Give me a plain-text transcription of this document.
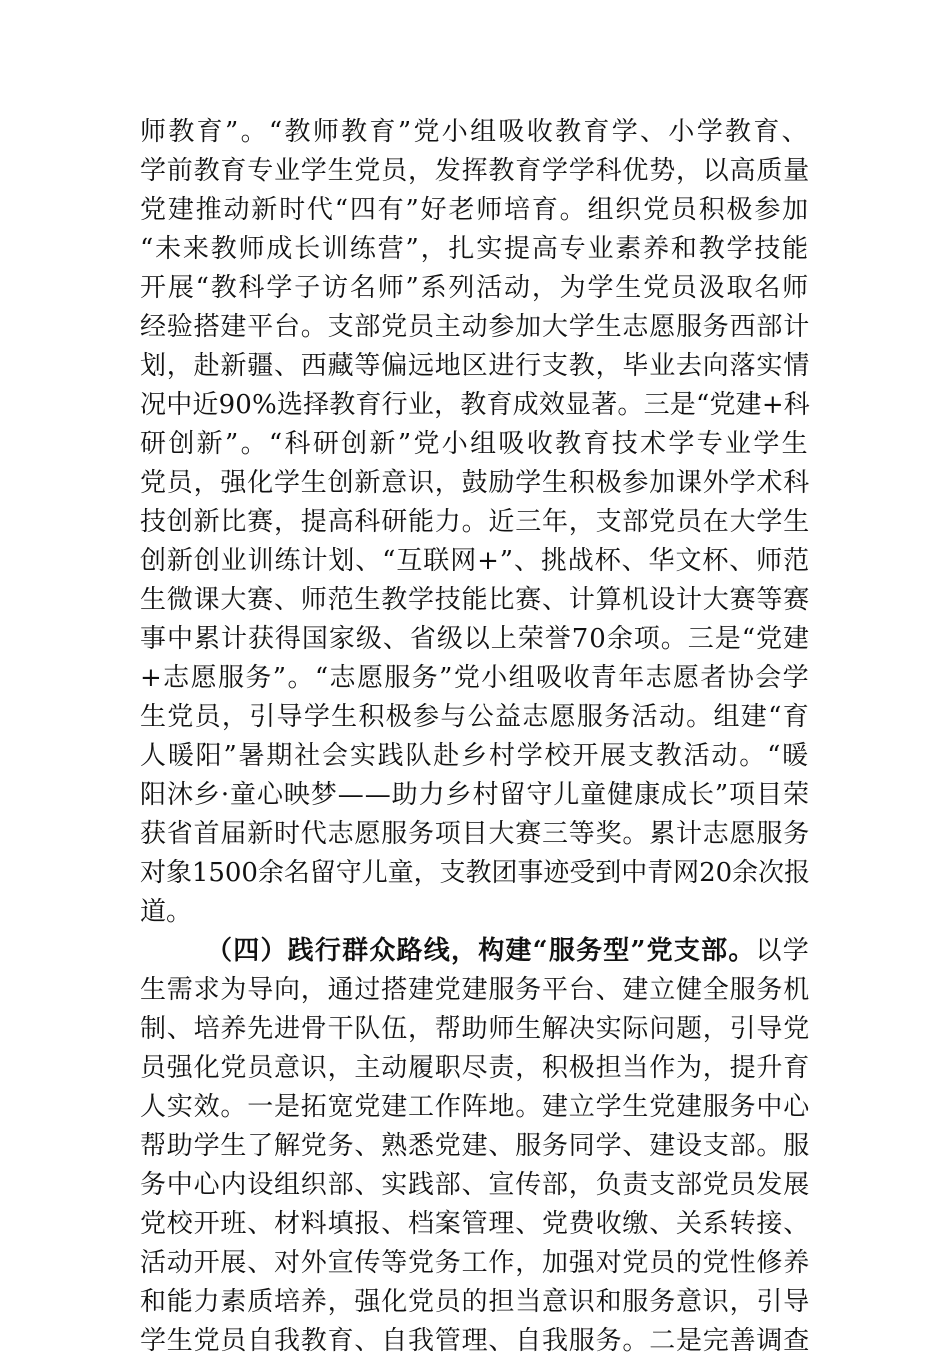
师教育”。“教师教育”党小组吸收教育学、小学教育、
学前教育专业学生党员，发挥教育学学科优势，以高质量
党建推动新时代“四有”好老师培育。组织党员积极参加
“未来教师成长训练营”，扎实提高专业素养和教学技能
开展“教科学子访名师”系列活动，为学生党员汲取名师
经验搭建平台。支部党员主动参加大学生志愿服务西部计
划，赴新疆、西藏等偏远地区进行支教，毕业去向落实情
况中近90%选择教育行业，教育成效显著。三是“党建+科
研创新”。“科研创新”党小组吸收教育技术学专业学生
党员，强化学生创新意识，鼓励学生积极参加课外学术科
技创新比赛，提高科研能力。近三年，支部党员在大学生
创新创业训练计划、“互联网+”、挑战杯、华文杯、师范
生微课大赛、师范生教学技能比赛、计算机设计大赛等赛
事中累计获得国家级、省级以上荣誉70余项。三是“党建
+志愿服务”。“志愿服务”党小组吸收青年志愿者协会学
生党员，引导学生积极参与公益志愿服务活动。组建“育
人暖阳”暑期社会实践队赴乡村学校开展支教活动。“暖
阳沐乡·童心映梦——助力乡村留守儿童健康成长”项目荣
获省首届新时代志愿服务项目大赛三等奖。累计志愿服务
对象1500余名留守儿童，支教团事迹受到中青网20余次报
道。
（四）践行群众路线，构建“服务型”党支部。以学
生需求为导向，通过搭建党建服务平台、建立健全服务机
制、培养先进骨干队伍，帮助师生解决实际问题，引导党
员强化党员意识，主动履职尽责，积极担当作为，提升育
人实效。一是拓宽党建工作阵地。建立学生党建服务中心
帮助学生了解党务、熟悉党建、服务同学、建设支部。服
务中心内设组织部、实践部、宣传部，负责支部党员发展
党校开班、材料填报、档案管理、党费收缴、关系转接、
活动开展、对外宣传等党务工作，加强对党员的党性修养
和能力素质培养，强化党员的担当意识和服务意识，引导
学生党员自我教育、自我管理、自我服务。二是完善调查
